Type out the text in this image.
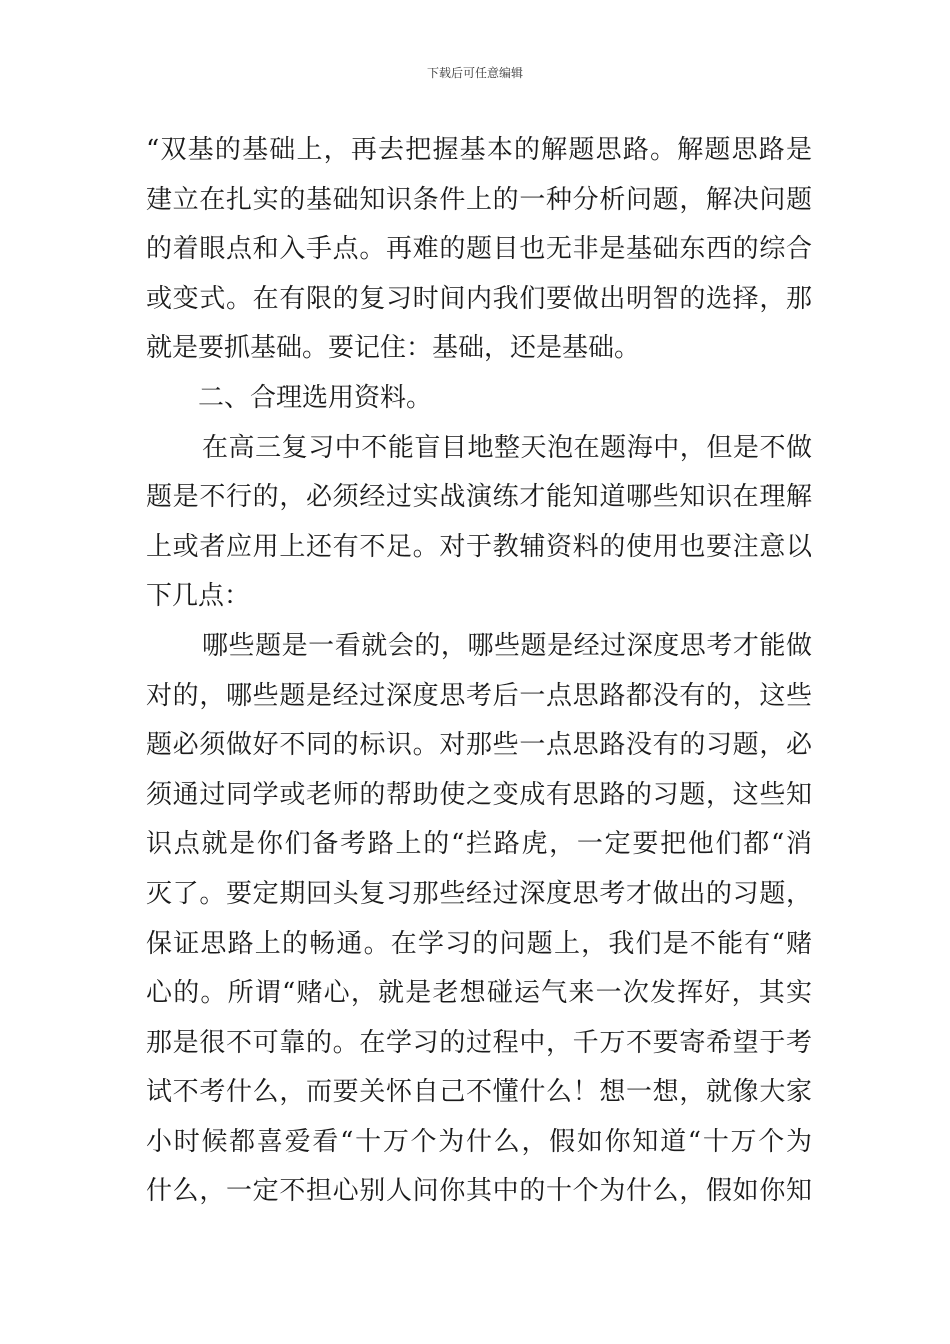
下载后可任意编辑
“双基的基础上，再去把握基本的解题思路。解题思路是
建立在扎实的基础知识条件上的一种分析问题，解决问题
的着眼点和入手点。再难的题目也无非是基础东西的综合
或变式。在有限的复习时间内我们要做出明智的选择，那
就是要抓基础。要记住：基础，还是基础。
二、合理选用资料。
在高三复习中不能盲目地整天泡在题海中，但是不做
题是不行的，必须经过实战演练才能知道哪些知识在理解
上或者应用上还有不足。对于教辅资料的使用也要注意以
下几点：
哪些题是一看就会的，哪些题是经过深度思考才能做
对的，哪些题是经过深度思考后一点思路都没有的，这些
题必须做好不同的标识。对那些一点思路没有的习题，必
须通过同学或老师的帮助使之变成有思路的习题，这些知
识点就是你们备考路上的“拦路虎，一定要把他们都“消
灭了。要定期回头复习那些经过深度思考才做出的习题，
保证思路上的畅通。在学习的问题上，我们是不能有“赌
心的。所谓“赌心，就是老想碰运气来一次发挥好，其实
那是很不可靠的。在学习的过程中，千万不要寄希望于考
试不考什么，而要关怀自己不懂什么！想一想，就像大家
小时候都喜爱看“十万个为什么，假如你知道“十万个为
什么，一定不担心别人问你其中的十个为什么，假如你知
